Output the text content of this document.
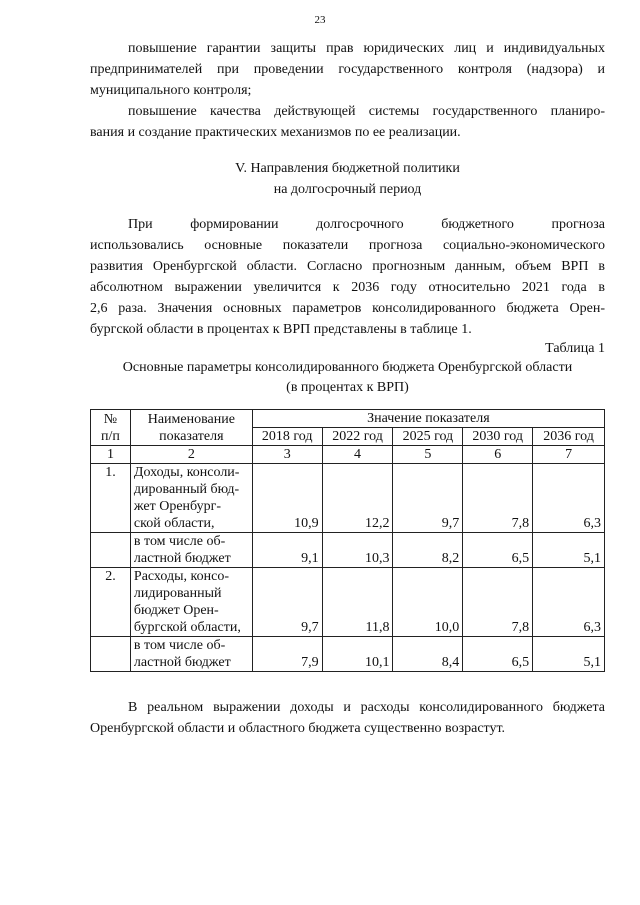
23
повышение гарантии защиты прав юридических лиц и индивидуальных
предпринимателей при проведении государственного контроля (надзора) и
муниципального контроля;
повышение качества действующей системы государственного планиро-
вания и создание практических механизмов по ее реализации.
V. Направления бюджетной политики
на долгосрочный период
При формировании долгосрочного бюджетного прогноза
использовались основные показатели прогноза социально-экономического
развития Оренбургской области. Согласно прогнозным данным, объем ВРП в
абсолютном выражении увеличится к 2036 году относительно 2021 года в
2,6 раза. Значения основных параметров консолидированного бюджета Орен-
бургской области в процентах к ВРП представлены в таблице 1.
Таблица 1
Основные параметры консолидированного бюджета Оренбургской области
(в процентах к ВРП)
№
п/п	Наименование
показателя	Значение показателя				
		2018 год	2022 год	2025 год	2030 год	2036 год
1	2	3	4	5	6	7
1.	Доходы, консоли-
дированный бюд-
жет Оренбург-
ской области,	10,9	12,2	9,7	7,8	6,3

	в том числе об-
ластной бюджет	9,1	10,3	8,2	6,5	5,1
2.	Расходы, консо-
лидированный
бюджет Орен-
бургской области,	9,7	11,8	10,0	7,8	6,3

	в том числе об-
ластной бюджет	7,9	10,1	8,4	6,5	5,1
В реальном выражении доходы и расходы консолидированного бюджета
Оренбургской области и областного бюджета существенно возрастут.
